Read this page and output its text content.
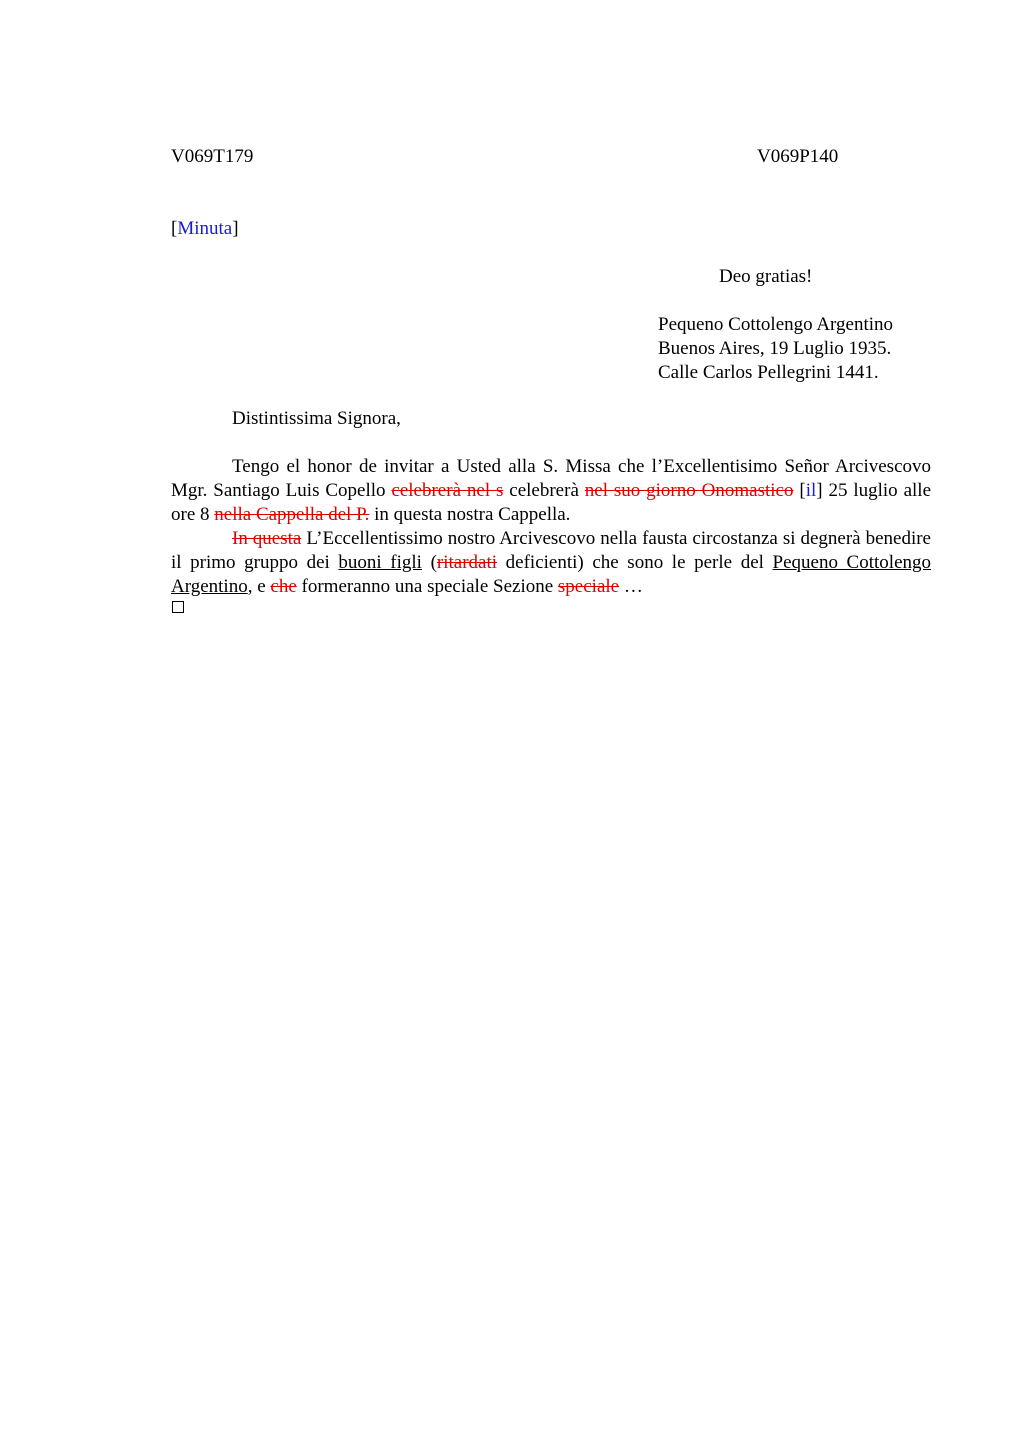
V069T179	V069P140
[Minuta]
Deo gratias!
Pequeno Cottolengo Argentino
Buenos Aires, 19 Luglio 1935.
Calle Carlos Pellegrini 1441.
Distintissima Signora,

Tengo el honor de invitar a Usted alla S. Missa che l’Excellentisimo Señor Arcivescovo Mgr. Santiago Luis Copello celebrerà nel s celebrerà nel suo giorno Onomastico [il] 25 luglio alle ore 8 nella Cappella del P. in questa nostra Cappella.

In questa L’Eccellentissimo nostro Arcivescovo nella fausta circostanza si degnerà benedire il primo gruppo dei buoni figli (ritardati deficienti) che sono le perle del Pequeno Cottolengo Argentino, e che formeranno una speciale Sezione speciale …
